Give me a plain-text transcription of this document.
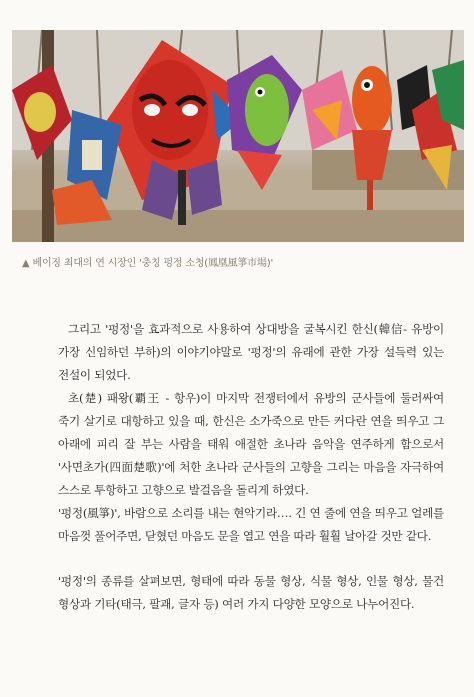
▲ 베이징 최대의 연 시장인 '충칭 펑정 소청(鳳凰風箏市場)'

그리고 '펑정'을 효과적으로 사용하여 상대방을 굴복시킨 한신(韓信- 유방이 가장 신임하던 부하)의 이야기야말로 '펑정'의 유래에 관한 가장 설득력 있는 전설이 되었다.

초(楚) 패왕(覇王 - 항우)이 마지막 전쟁터에서 유방의 군사들에 둘러싸여 죽기 살기로 대항하고 있을 때, 한신은 소가죽으로 만든 커다란 연을 띄우고 그 아래에 피리 잘 부는 사람을 태워 애절한 초나라 음악을 연주하게 함으로서 '사면초가(四面楚歌)'에 처한 초나라 군사들의 고향을 그리는 마음을 자극하여 스스로 투항하고 고향으로 발걸음을 돌리게 하였다.

'펑정(風箏)', 바람으로 소리를 내는 현악기라…. 긴 연 줄에 연을 띄우고 얼레를 마음껏 풀어주면, 닫혔던 마음도 문을 열고 연을 따라 훨훨 날아갈 것만 같다.

'펑정'의 종류를 살펴보면, 형태에 따라 동물 형상, 식물 형상, 인물 형상, 물건 형상과 기타(태극, 팔괘, 글자 등) 여러 가지 다양한 모양으로 나누어진다.
